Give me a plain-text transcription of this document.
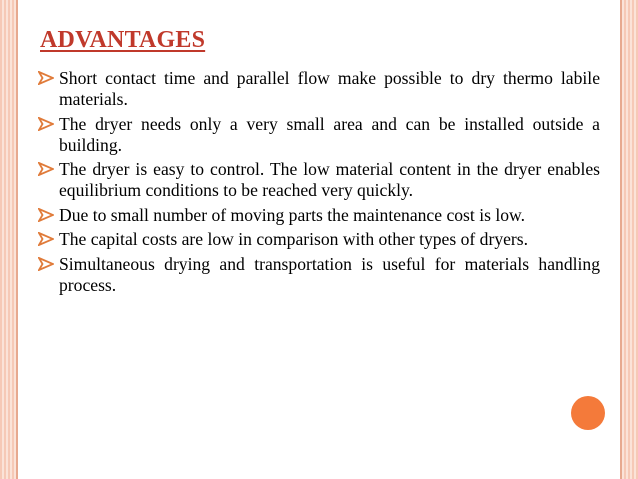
ADVANTAGES
Short contact time and parallel flow make possible to dry thermo labile materials.
The dryer needs only a very small area and can be installed outside a building.
The dryer is easy to control. The low material content in the dryer enables equilibrium conditions to be reached very quickly.
Due to small number of moving parts the maintenance cost is low.
The capital costs are low in comparison with other types of dryers.
Simultaneous drying and transportation is useful for materials handling process.
